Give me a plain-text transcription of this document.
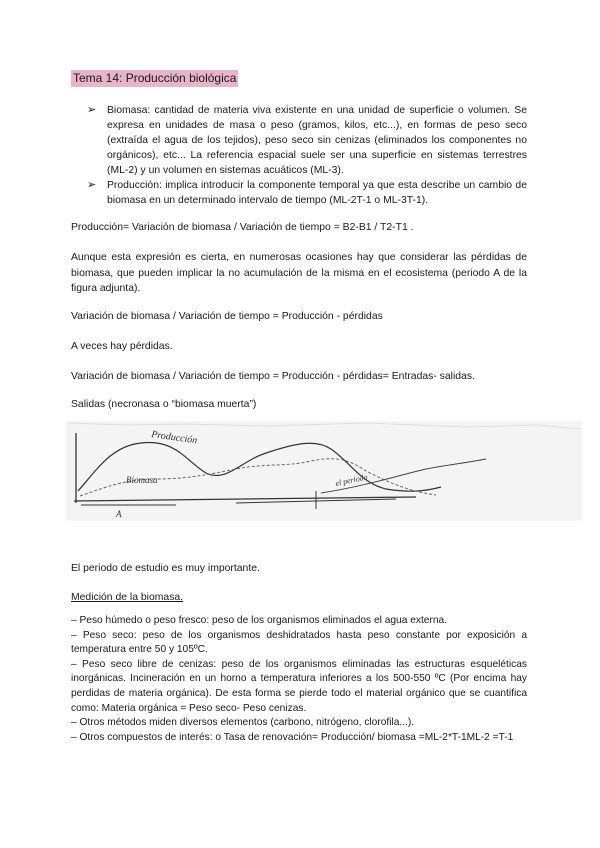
Tema 14: Producción biológica
➢	Biomasa: cantidad de materia viva existente en una unidad de superficie o volumen. Se expresa en unidades de masa o peso (gramos, kilos, etc...), en formas de peso seco (extraída el agua de los tejidos), peso seco sin cenizas (eliminados los componentes no orgánicos), etc... La referencia espacial suele ser una superficie en sistemas terrestres (ML-2) y un volumen en sistemas acuáticos (ML-3).
➢	Producción: implica introducir la componente temporal ya que esta describe un cambio de biomasa en un determinado intervalo de tiempo (ML-2T-1 o ML-3T-1).
Producción= Variación de biomasa / Variación de tiempo = B2-B1 / T2-T1 .
Aunque esta expresión es cierta, en numerosas ocasiones hay que considerar las pérdidas de biomasa, que pueden implicar la no acumulación de la misma en el ecosistema (periodo A de la figura adjunta).
Variación de biomasa / Variación de tiempo = Producción - pérdidas
A veces hay pérdidas.
Variación de biomasa / Variación de tiempo = Producción - pérdidas= Entradas- salidas.
Salidas (necronasa o “biomasa muerta”)
Producción
Biomasa	el periodo
A
El periodo de estudio es muy importante.
Medición de la biomasa.
– Peso húmedo o peso fresco: peso de los organismos eliminados el agua externa.
– Peso seco: peso de los organismos deshidratados hasta peso constante por exposición a temperatura entre 50 y 105ºC.
– Peso seco libre de cenizas: peso de los organismos eliminadas las estructuras esqueléticas inorgánicas. Incineración en un horno a temperatura inferiores a los 500-550 ºC (Por encima hay perdidas de materia orgánica). De esta forma se pierde todo el material orgánico que se cuantifica como: Materia orgánica = Peso seco- Peso cenizas.
– Otros métodos miden diversos elementos (carbono, nitrógeno, clorofila...).
– Otros compuestos de interés: o Tasa de renovación= Producción/ biomasa =ML-2*T-1ML-2 =T-1
